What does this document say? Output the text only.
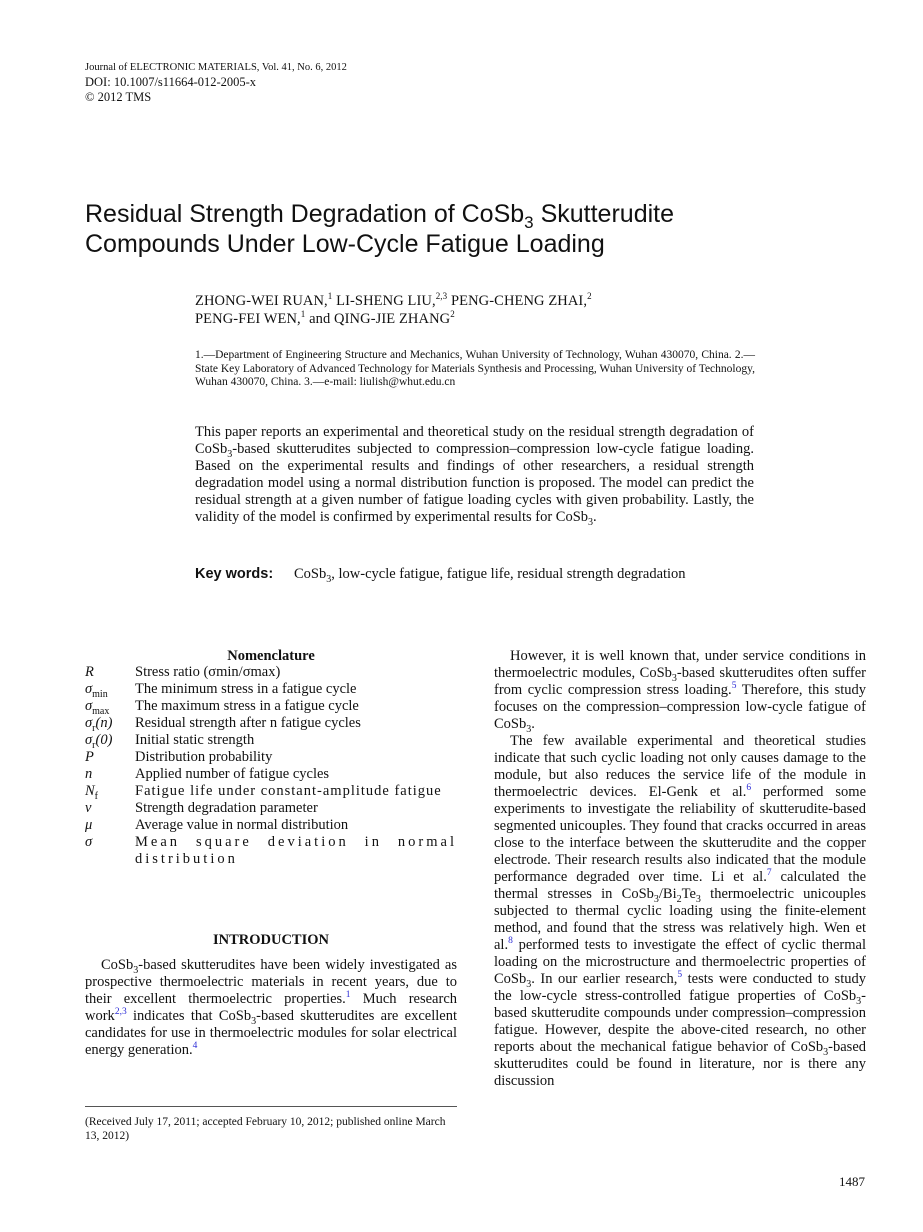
Journal of ELECTRONIC MATERIALS, Vol. 41, No. 6, 2012
DOI: 10.1007/s11664-012-2005-x
© 2012 TMS
Residual Strength Degradation of CoSb$_3$ Skutterudite
Compounds Under Low-Cycle Fatigue Loading
ZHONG-WEI RUAN,$^1$ LI-SHENG LIU,$^{2,3}$ PENG-CHENG ZHAI,$^2$
PENG-FEI WEN,$^1$ and QING-JIE ZHANG$^2$
1.—Department of Engineering Structure and Mechanics, Wuhan University of Technology, Wuhan 430070, China. 2.—State Key Laboratory of Advanced Technology for Materials Synthesis and Processing, Wuhan University of Technology, Wuhan 430070, China. 3.—e-mail: liulish@whut.edu.cn
This paper reports an experimental and theoretical study on the residual strength degradation of CoSb$_3$-based skutterudites subjected to compression–compression low-cycle fatigue loading. Based on the experimental results and findings of other researchers, a residual strength degradation model using a normal distribution function is proposed. The model can predict the residual strength at a given number of fatigue loading cycles with given probability. Lastly, the validity of the model is confirmed by experimental results for CoSb$_3$.
Key words: CoSb$_3$, low-cycle fatigue, fatigue life, residual strength degradation
Nomenclature
R	Stress ratio (σmin/σmax)
$\sigma_{min}$	The minimum stress in a fatigue cycle
$\sigma_{max}$	The maximum stress in a fatigue cycle
$\sigma_r(n)$	Residual strength after n fatigue cycles
$\sigma_r(0)$	Initial static strength
P	Distribution probability
n	Applied number of fatigue cycles
$N_f$	Fatigue life under constant-amplitude fatigue
v	Strength degradation parameter
μ	Average value in normal distribution
σ	Mean square deviation in normal distribution
INTRODUCTION

CoSb$_3$-based skutterudites have been widely investigated as prospective thermoelectric materials in recent years, due to their excellent thermoelectric properties.$^1$ Much research work$^{2,3}$ indicates that CoSb$_3$-based skutterudites are excellent candidates for use in thermoelectric modules for solar electrical energy generation.$^4$

However, it is well known that, under service conditions in thermoelectric modules, CoSb$_3$-based skutterudites often suffer from cyclic compression stress loading.$^5$ Therefore, this study focuses on the compression–compression low-cycle fatigue of CoSb$_3$.

The few available experimental and theoretical studies indicate that such cyclic loading not only causes damage to the module, but also reduces the service life of the module in thermoelectric devices. El-Genk et al.$^6$ performed some experiments to investigate the reliability of skutterudite-based segmented unicouples. They found that cracks occurred in areas close to the interface between the skutterudite and the copper electrode. Their research results also indicated that the module performance degraded over time. Li et al.$^7$ calculated the thermal stresses in $CoSb_3/Bi_2Te_3$ thermoelectric unicouples subjected to thermal cyclic loading using the finite-element method, and found that the stress was relatively high. Wen et al.$^8$ performed tests to investigate the effect of cyclic thermal loading on the microstructure and thermoelectric properties of CoSb$_3$. In our earlier research,$^5$ tests were conducted to study the low-cycle stress-controlled fatigue properties of CoSb$_3$-based skutterudite compounds under compression–compression fatigue. However, despite the above-cited research, no other reports about the mechanical fatigue behavior of CoSb$_3$-based skutterudites could be found in literature, nor is there any discussion

(Received July 17, 2011; accepted February 10, 2012; published online March 13, 2012)
1487
